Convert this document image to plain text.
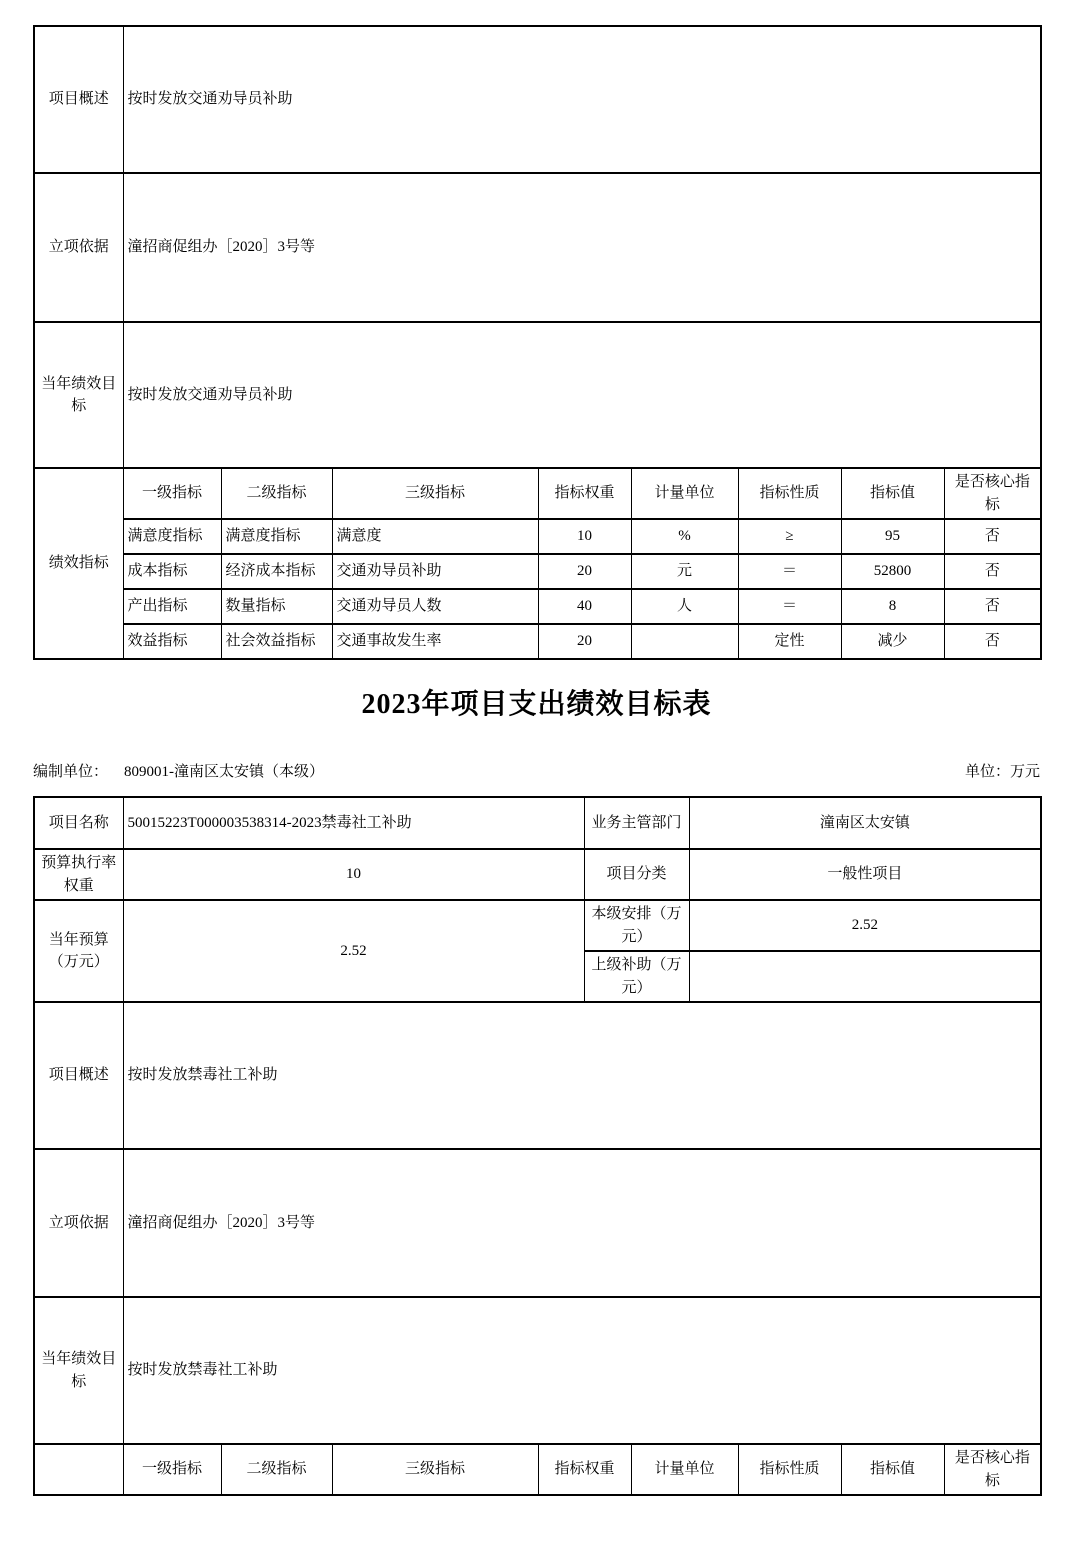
项目概述	按时发放交通劝导员补助							
立项依据	潼招商促组办［2020］3号等							
当年绩效目标	按时发放交通劝导员补助							
绩效指标	一级指标	二级指标	三级指标	指标权重	计量单位	指标性质	指标值	是否核心指标
	满意度指标	满意度指标	满意度	10	%	≥	95	否
	成本指标	经济成本指标	交通劝导员补助	20	元	＝	52800	否
	产出指标	数量指标	交通劝导员人数	40	人	＝	8	否
	效益指标	社会效益指标	交通事故发生率	20		定性	减少	否
2023年项目支出绩效目标表
编制单位： 809001-潼南区太安镇（本级）	单位：万元
项目名称	50015223T000003538314-2023禁毒社工补助				业务主管部门		潼南区太安镇			
预算执行率权重	10				项目分类		一般性项目			
当年预算（万元）	2.52				本级安排（万元）		2.52			
					上级补助（万元）					
项目概述	按时发放禁毒社工补助									
立项依据	潼招商促组办［2020］3号等									
当年绩效目标	按时发放禁毒社工补助									
	一级指标	二级指标	三级指标	指标权重		计量单位		指标性质	指标值	是否核心指标
